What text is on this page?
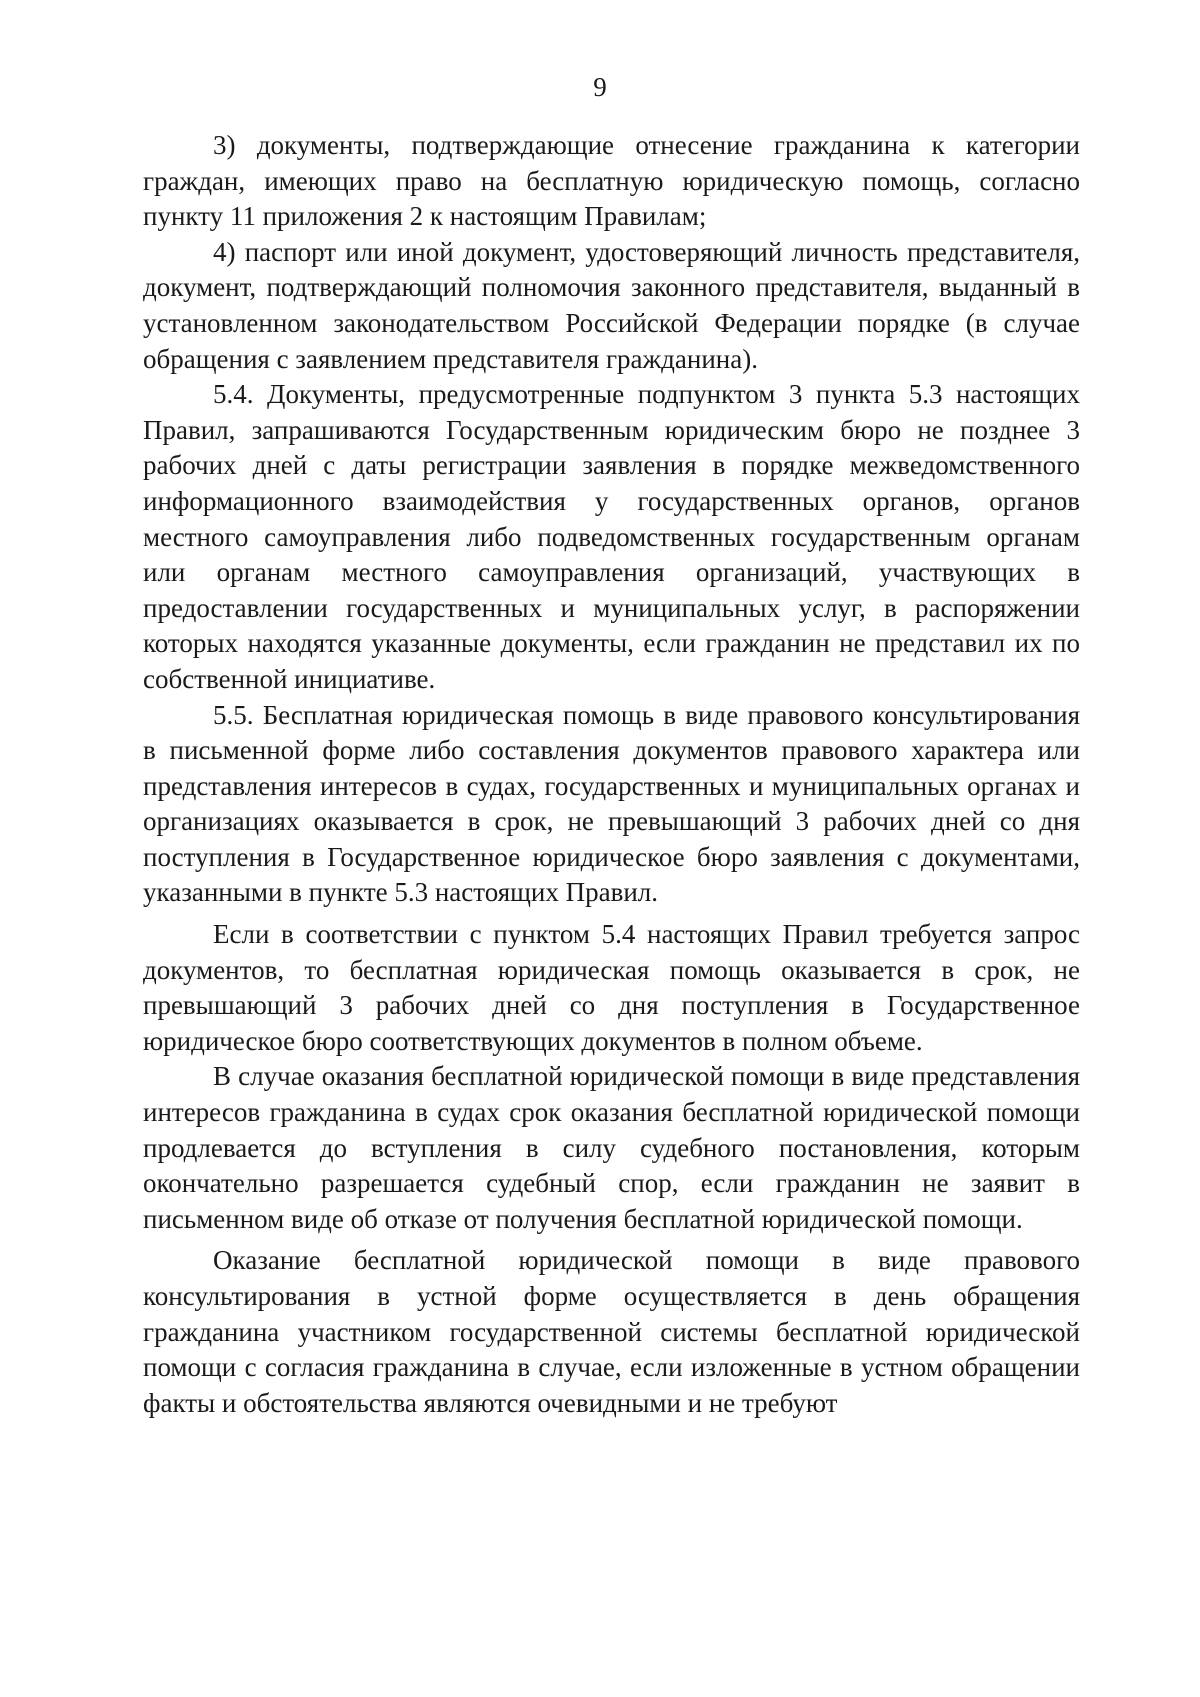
9

3) документы, подтверждающие отнесение гражданина к категории граждан, имеющих право на бесплатную юридическую помощь, согласно пункту 11 приложения 2 к настоящим Правилам;

4) паспорт или иной документ, удостоверяющий личность представителя, документ, подтверждающий полномочия законного представителя, выданный в установленном законодательством Российской Федерации порядке (в случае обращения с заявлением представителя гражданина).

5.4. Документы, предусмотренные подпунктом 3 пункта 5.3 настоящих Правил, запрашиваются Государственным юридическим бюро не позднее 3 рабочих дней с даты регистрации заявления в порядке межведомственного информационного взаимодействия у государственных органов, органов местного самоуправления либо подведомственных государственным органам или органам местного самоуправления организаций, участвующих в предоставлении государственных и муниципальных услуг, в распоряжении которых находятся указанные документы, если гражданин не представил их по собственной инициативе.

5.5. Бесплатная юридическая помощь в виде правового консультирования в письменной форме либо составления документов правового характера или представления интересов в судах, государственных и муниципальных органах и организациях оказывается в срок, не превышающий 3 рабочих дней со дня поступления в Государственное юридическое бюро заявления с документами, указанными в пункте 5.3 настоящих Правил.

Если в соответствии с пунктом 5.4 настоящих Правил требуется запрос документов, то бесплатная юридическая помощь оказывается в срок, не превышающий 3 рабочих дней со дня поступления в Государственное юридическое бюро соответствующих документов в полном объеме.

В случае оказания бесплатной юридической помощи в виде представления интересов гражданина в судах срок оказания бесплатной юридической помощи продлевается до вступления в силу судебного постановления, которым окончательно разрешается судебный спор, если гражданин не заявит в письменном виде об отказе от получения бесплатной юридической помощи.

Оказание бесплатной юридической помощи в виде правового консультирования в устной форме осуществляется в день обращения гражданина участником государственной системы бесплатной юридической помощи с согласия гражданина в случае, если изложенные в устном обращении факты и обстоятельства являются очевидными и не требуют
